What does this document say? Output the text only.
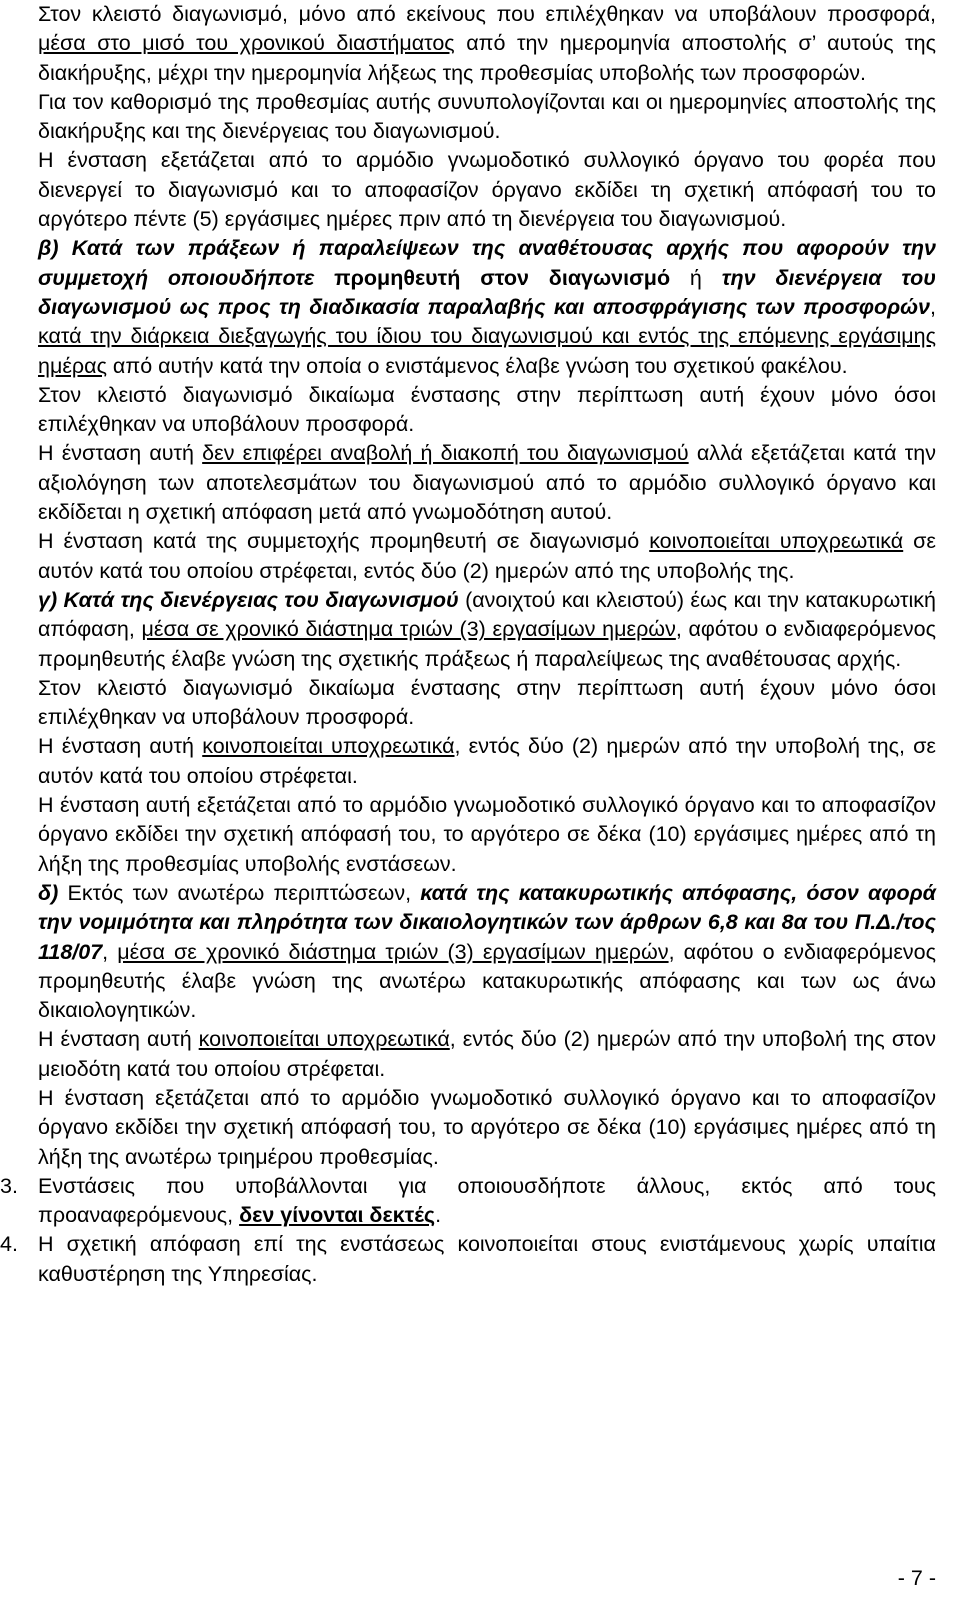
Στον κλειστό διαγωνισμό, μόνο από εκείνους που επιλέχθηκαν να υποβάλουν προσφορά, μέσα στο μισό του χρονικού διαστήματος από την ημερομηνία αποστολής σ’ αυτούς της διακήρυξης, μέχρι την ημερομηνία λήξεως της προθεσμίας υποβολής των προσφορών.

Για τον καθορισμό της προθεσμίας αυτής συνυπολογίζονται και οι ημερομηνίες αποστολής της διακήρυξης και της διενέργειας του διαγωνισμού.

Η ένσταση εξετάζεται από το αρμόδιο γνωμοδοτικό συλλογικό όργανο του φορέα που διενεργεί το διαγωνισμό και το αποφασίζον όργανο εκδίδει τη σχετική απόφασή του το αργότερο πέντε (5) εργάσιμες ημέρες πριν από τη διενέργεια του διαγωνισμού.

β) Κατά των πράξεων ή παραλείψεων της αναθέτουσας αρχής που αφορούν την συμμετοχή οποιουδήποτε προμηθευτή στον διαγωνισμό ή την διενέργεια του διαγωνισμού ως προς τη διαδικασία παραλαβής και αποσφράγισης των προσφορών, κατά την διάρκεια διεξαγωγής του ίδιου του διαγωνισμού και εντός της επόμενης εργάσιμης ημέρας από αυτήν κατά την οποία ο ενιστάμενος έλαβε γνώση του σχετικού φακέλου.

Στον κλειστό διαγωνισμό δικαίωμα ένστασης στην περίπτωση αυτή έχουν μόνο όσοι επιλέχθηκαν να υποβάλουν προσφορά.

Η ένσταση αυτή δεν επιφέρει αναβολή ή διακοπή του διαγωνισμού αλλά εξετάζεται κατά την αξιολόγηση των αποτελεσμάτων του διαγωνισμού από το αρμόδιο συλλογικό όργανο και εκδίδεται η σχετική απόφαση μετά από γνωμοδότηση αυτού.

Η ένσταση κατά της συμμετοχής προμηθευτή σε διαγωνισμό κοινοποιείται υποχρεωτικά σε αυτόν κατά του οποίου στρέφεται, εντός δύο (2) ημερών από της υποβολής της.

γ) Κατά της διενέργειας του διαγωνισμού (ανοιχτού και κλειστού) έως και την κατακυρωτική απόφαση, μέσα σε χρονικό διάστημα τριών (3) εργασίμων ημερών, αφότου ο ενδιαφερόμενος προμηθευτής έλαβε γνώση της σχετικής πράξεως ή παραλείψεως της αναθέτουσας αρχής.

Στον κλειστό διαγωνισμό δικαίωμα ένστασης στην περίπτωση αυτή έχουν μόνο όσοι επιλέχθηκαν να υποβάλουν προσφορά.

Η ένσταση αυτή κοινοποιείται υποχρεωτικά, εντός δύο (2) ημερών από την υποβολή της, σε αυτόν κατά του οποίου στρέφεται.

Η ένσταση αυτή εξετάζεται από το αρμόδιο γνωμοδοτικό συλλογικό όργανο και το αποφασίζον όργανο εκδίδει την σχετική απόφασή του, το αργότερο σε δέκα (10) εργάσιμες ημέρες από τη λήξη της προθεσμίας υποβολής ενστάσεων.

δ) Εκτός των ανωτέρω περιπτώσεων, κατά της κατακυρωτικής απόφασης, όσον αφορά την νομιμότητα και πληρότητα των δικαιολογητικών των άρθρων 6,8 και 8α του Π.Δ./τος 118/07, μέσα σε χρονικό διάστημα τριών (3) εργασίμων ημερών, αφότου ο ενδιαφερόμενος προμηθευτής έλαβε γνώση της ανωτέρω κατακυρωτικής απόφασης και των ως άνω δικαιολογητικών.

Η ένσταση αυτή κοινοποιείται υποχρεωτικά, εντός δύο (2) ημερών από την υποβολή της στον μειοδότη κατά του οποίου στρέφεται.

Η ένσταση εξετάζεται από το αρμόδιο γνωμοδοτικό συλλογικό όργανο και το αποφασίζον όργανο εκδίδει την σχετική απόφασή του, το αργότερο σε δέκα (10) εργάσιμες ημέρες από τη λήξη της ανωτέρω τριημέρου προθεσμίας.

3. Ενστάσεις που υποβάλλονται για οποιουσδήποτε άλλους, εκτός από τους προαναφερόμενους, δεν γίνονται δεκτές.

4. Η σχετική απόφαση επί της ενστάσεως κοινοποιείται στους ενιστάμενους χωρίς υπαίτια καθυστέρηση της Υπηρεσίας.

- 7 -
